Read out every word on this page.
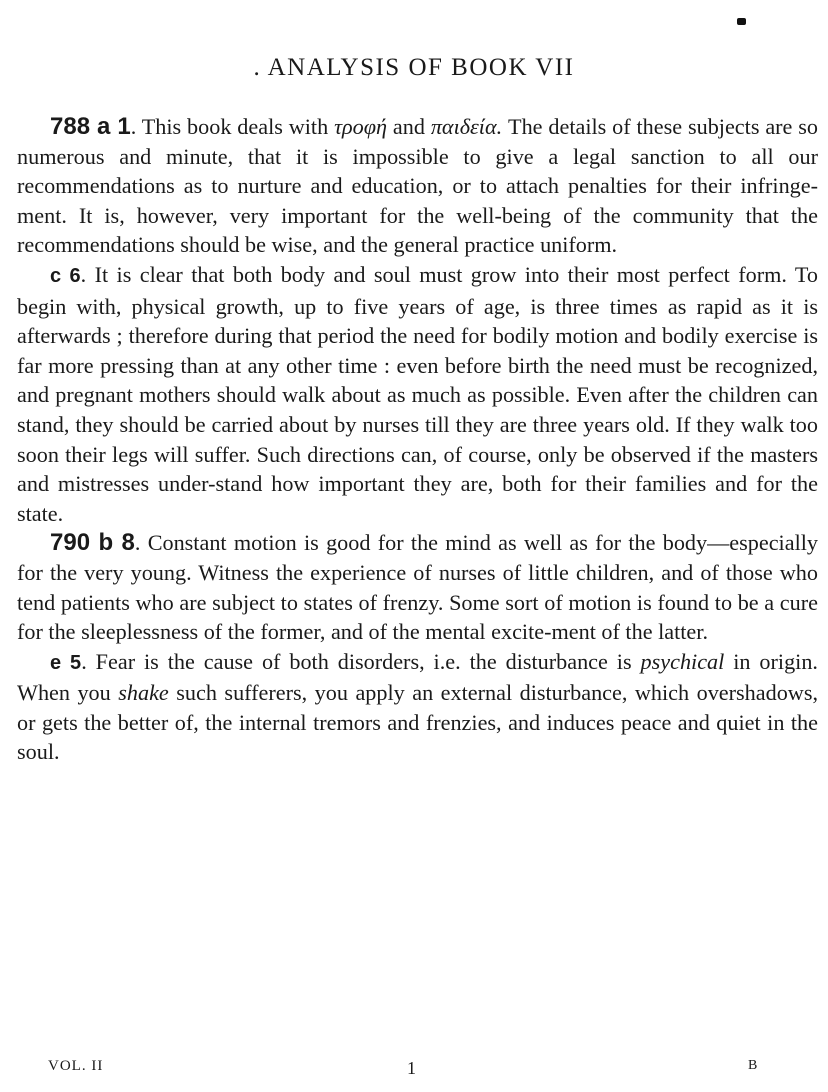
. ANALYSIS OF BOOK VII

788 a 1. This book deals with τροφή and παιδεία. The details of these subjects are so numerous and minute, that it is impossible to give a legal sanction to all our recommendations as to nurture and education, or to attach penalties for their infringe-ment. It is, however, very important for the well-being of the community that the recommendations should be wise, and the general practice uniform.

c 6. It is clear that both body and soul must grow into their most perfect form. To begin with, physical growth, up to five years of age, is three times as rapid as it is afterwards ; therefore during that period the need for bodily motion and bodily exercise is far more pressing than at any other time : even before birth the need must be recognized, and pregnant mothers should walk about as much as possible. Even after the children can stand, they should be carried about by nurses till they are three years old. If they walk too soon their legs will suffer. Such directions can, of course, only be observed if the masters and mistresses under-stand how important they are, both for their families and for the state.

790 b 8. Constant motion is good for the mind as well as for the body—especially for the very young. Witness the experience of nurses of little children, and of those who tend patients who are subject to states of frenzy. Some sort of motion is found to be a cure for the sleeplessness of the former, and of the mental excite-ment of the latter.

e 5. Fear is the cause of both disorders, i.e. the disturbance is psychical in origin. When you shake such sufferers, you apply an external disturbance, which overshadows, or gets the better of, the internal tremors and frenzies, and induces peace and quiet in the soul.

VOL. II	1	B
